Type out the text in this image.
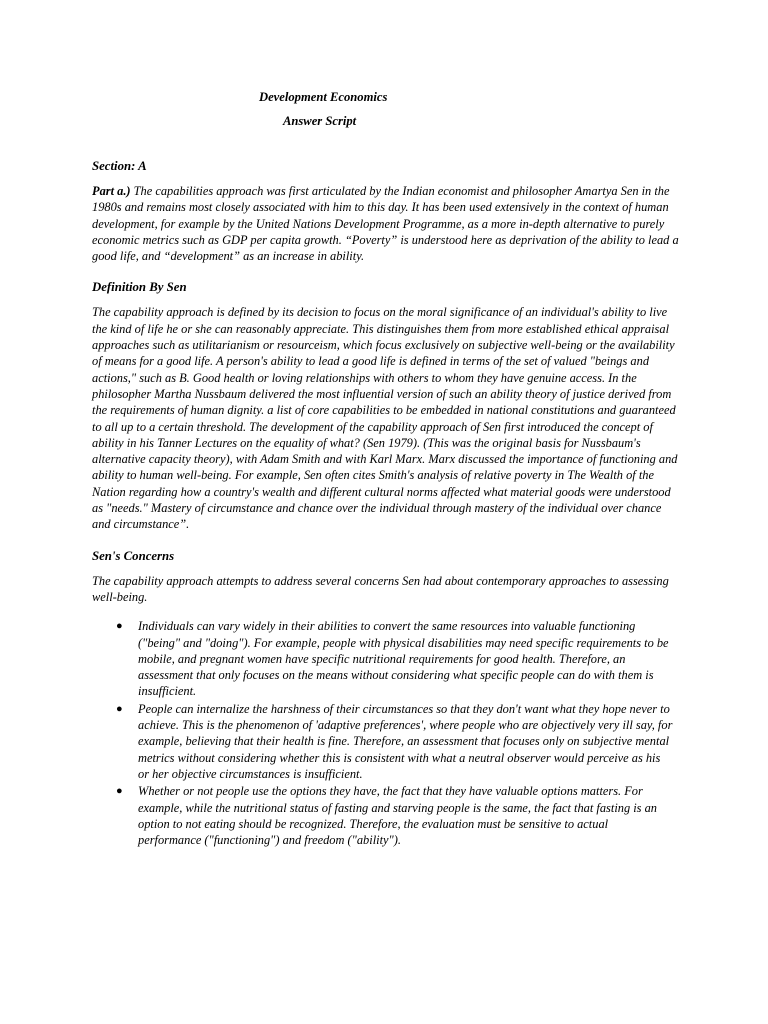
Development Economics
Answer Script
Section: A

Part a.) The capabilities approach was first articulated by the Indian economist and philosopher Amartya Sen in the 1980s and remains most closely associated with him to this day. It has been used extensively in the context of human development, for example by the United Nations Development Programme, as a more in-depth alternative to purely economic metrics such as GDP per capita growth. “Poverty” is understood here as deprivation of the ability to lead a good life, and “development” as an increase in ability.

Definition By Sen

The capability approach is defined by its decision to focus on the moral significance of an individual's ability to live the kind of life he or she can reasonably appreciate. This distinguishes them from more established ethical appraisal approaches such as utilitarianism or resourceism, which focus exclusively on subjective well-being or the availability of means for a good life. A person's ability to lead a good life is defined in terms of the set of valued "beings and actions," such as B. Good health or loving relationships with others to whom they have genuine access. In the philosopher Martha Nussbaum delivered the most influential version of such an ability theory of justice derived from the requirements of human dignity. a list of core capabilities to be embedded in national constitutions and guaranteed to all up to a certain threshold. The development of the capability approach of Sen first introduced the concept of ability in his Tanner Lectures on the equality of what? (Sen 1979). (This was the original basis for Nussbaum's alternative capacity theory), with Adam Smith and with Karl Marx. Marx discussed the importance of functioning and ability to human well-being. For example, Sen often cites Smith's analysis of relative poverty in The Wealth of the Nation regarding how a country's wealth and different cultural norms affected what material goods were understood as "needs." Mastery of circumstance and chance over the individual through mastery of the individual over chance and circumstance”.

Sen's Concerns

The capability approach attempts to address several concerns Sen had about contemporary approaches to assessing well-being.

● Individuals can vary widely in their abilities to convert the same resources into valuable functioning ("being" and "doing"). For example, people with physical disabilities may need specific requirements to be mobile, and pregnant women have specific nutritional requirements for good health. Therefore, an assessment that only focuses on the means without considering what specific people can do with them is insufficient.
● People can internalize the harshness of their circumstances so that they don't want what they hope never to achieve. This is the phenomenon of 'adaptive preferences', where people who are objectively very ill say, for example, believing that their health is fine. Therefore, an assessment that focuses only on subjective mental metrics without considering whether this is consistent with what a neutral observer would perceive as his or her objective circumstances is insufficient.
● Whether or not people use the options they have, the fact that they have valuable options matters. For example, while the nutritional status of fasting and starving people is the same, the fact that fasting is an option to not eating should be recognized. Therefore, the evaluation must be sensitive to actual performance ("functioning") and freedom ("ability").
